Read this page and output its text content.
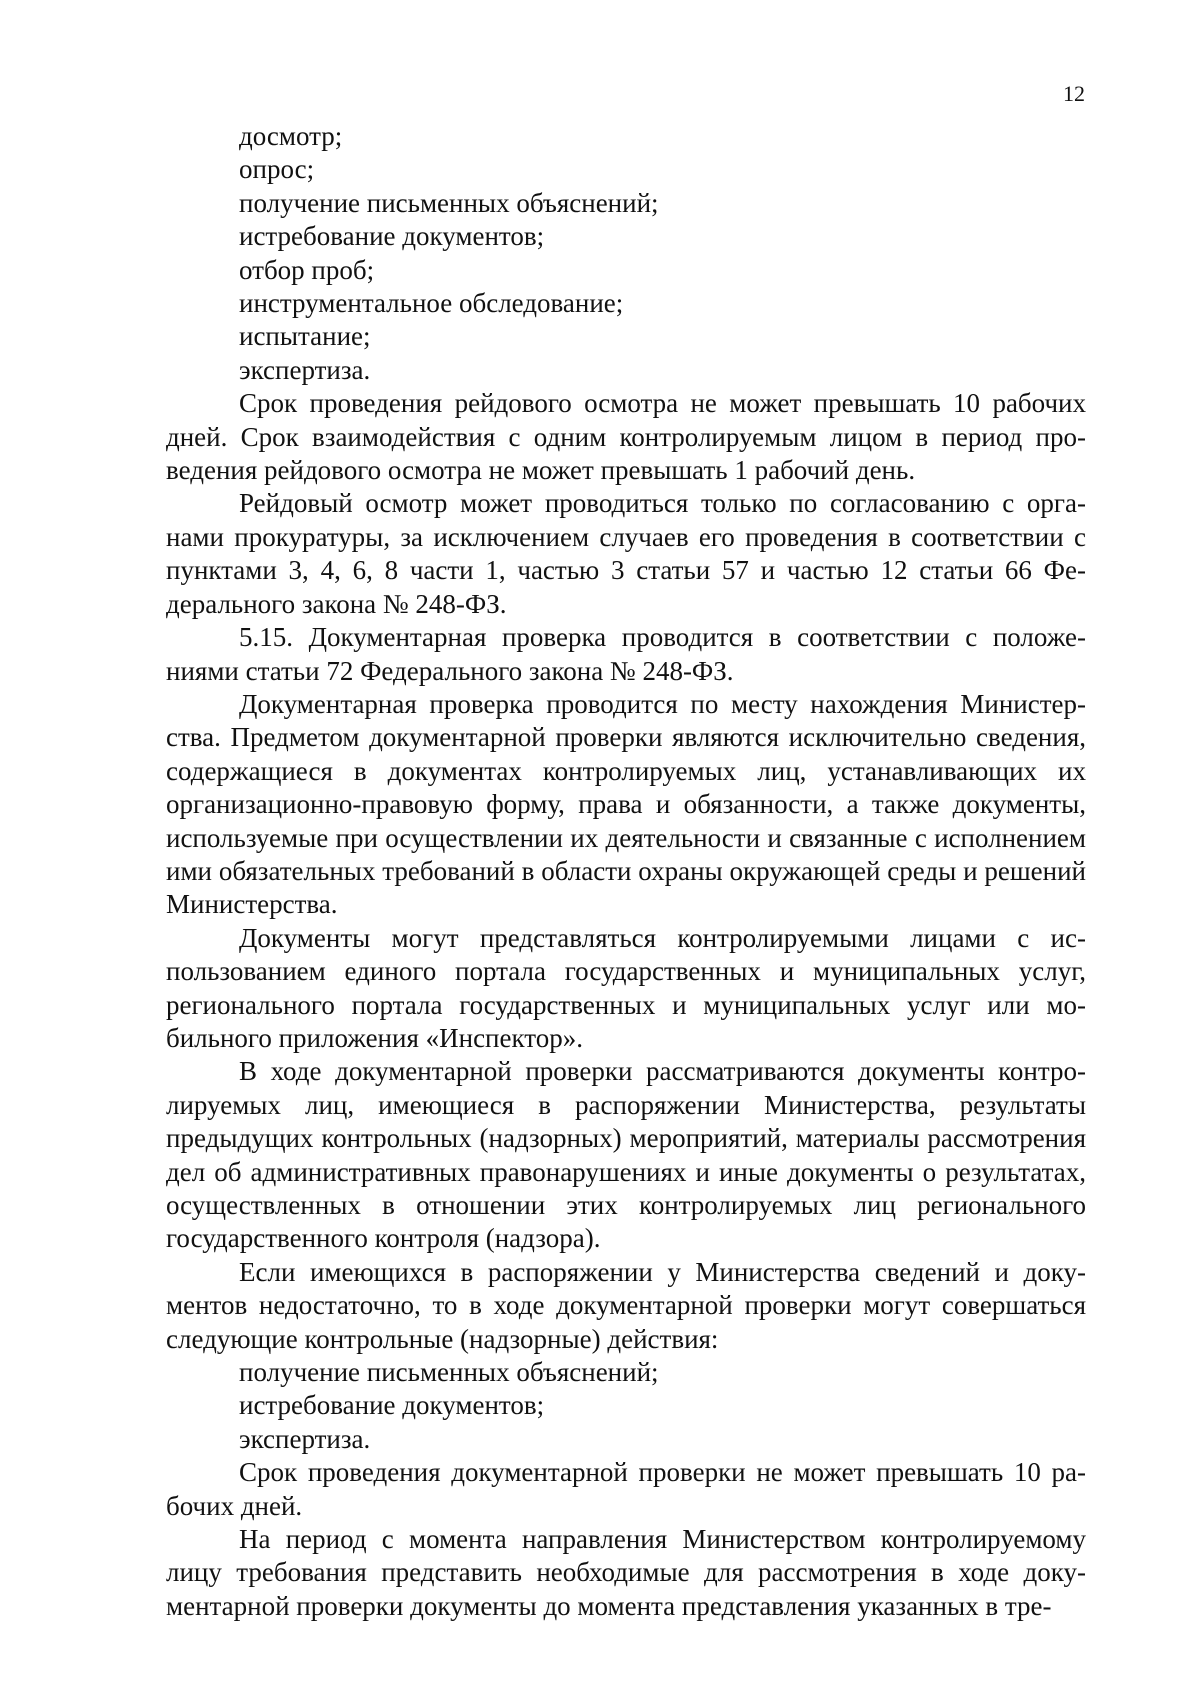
12

досмотр;

опрос;

получение письменных объяснений;

истребование документов;

отбор проб;

инструментальное обследование;

испытание;

экспертиза.

Срок проведения рейдового осмотра не может превышать 10 рабочих дней. Срок взаимодействия с одним контролируемым лицом в период проведения рейдового осмотра не может превышать 1 рабочий день.

Рейдовый осмотр может проводиться только по согласованию с органами прокуратуры, за исключением случаев его проведения в соответствии с пунктами 3, 4, 6, 8 части 1, частью 3 статьи 57 и частью 12 статьи 66 Федерального закона № 248-ФЗ.

5.15. Документарная проверка проводится в соответствии с положениями статьи 72 Федерального закона № 248-ФЗ.

Документарная проверка проводится по месту нахождения Министерства. Предметом документарной проверки являются исключительно сведения, содержащиеся в документах контролируемых лиц, устанавливающих их организационно-правовую форму, права и обязанности, а также документы, используемые при осуществлении их деятельности и связанные с исполнением ими обязательных требований в области охраны окружающей среды и решений Министерства.

Документы могут представляться контролируемыми лицами с использованием единого портала государственных и муниципальных услуг, регионального портала государственных и муниципальных услуг или мобильного приложения «Инспектор».

В ходе документарной проверки рассматриваются документы контролируемых лиц, имеющиеся в распоряжении Министерства, результаты предыдущих контрольных (надзорных) мероприятий, материалы рассмотрения дел об административных правонарушениях и иные документы о результатах, осуществленных в отношении этих контролируемых лиц регионального государственного контроля (надзора).

Если имеющихся в распоряжении у Министерства сведений и документов недостаточно, то в ходе документарной проверки могут совершаться следующие контрольные (надзорные) действия:

получение письменных объяснений;

истребование документов;

экспертиза.

Срок проведения документарной проверки не может превышать 10 рабочих дней.

На период с момента направления Министерством контролируемому лицу требования представить необходимые для рассмотрения в ходе документарной проверки документы до момента представления указанных в тре-
